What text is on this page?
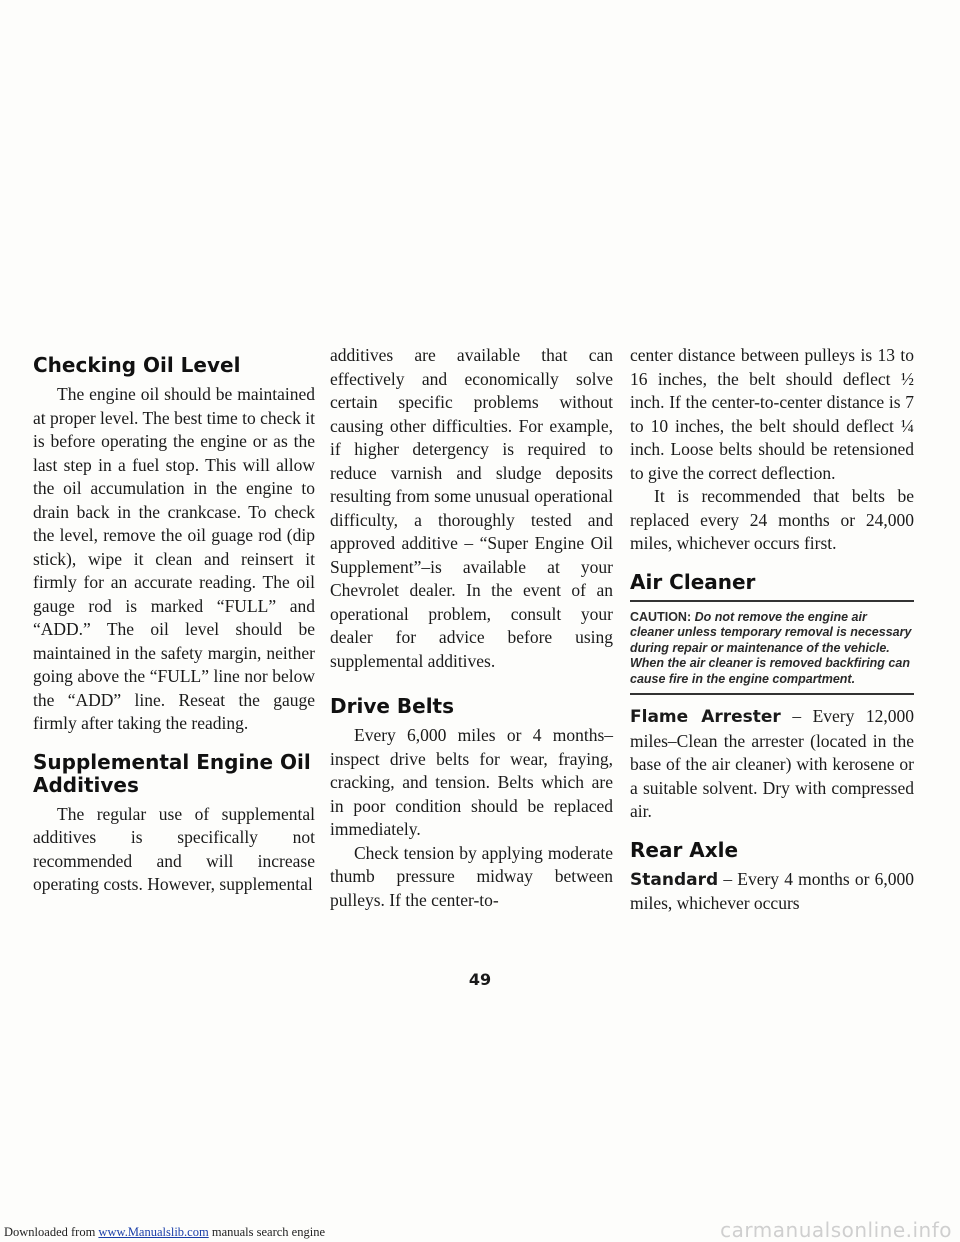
Checking Oil Level

The engine oil should be maintained at proper level. The best time to check it is before operating the engine or as the last step in a fuel stop. This will allow the oil accumulation in the engine to drain back in the crankcase. To check the level, remove the oil guage rod (dip stick), wipe it clean and reinsert it firmly for an accurate reading. The oil gauge rod is marked “FULL” and “ADD.” The oil level should be maintained in the safety margin, neither going above the “FULL” line nor below the “ADD” line. Reseat the gauge firmly after taking the reading.

Supplemental Engine Oil Additives

The regular use of supplemental additives is specifically not recommended and will increase operating costs. However, supplemental

additives are available that can effectively and economically solve certain specific problems without causing other difficulties. For example, if higher detergency is required to reduce varnish and sludge deposits resulting from some unusual operational difficulty, a thoroughly tested and approved additive – “Super Engine Oil Supplement”–is available at your Chevrolet dealer. In the event of an operational problem, consult your dealer for advice before using supplemental additives.

Drive Belts

Every 6,000 miles or 4 months–inspect drive belts for wear, fraying, cracking, and tension. Belts which are in poor condition should be replaced immediately.

Check tension by applying moderate thumb pressure midway between pulleys. If the center-to-

center distance between pulleys is 13 to 16 inches, the belt should deflect ½ inch. If the center-to-center distance is 7 to 10 inches, the belt should deflect ¼ inch. Loose belts should be retensioned to give the correct deflection.

It is recommended that belts be replaced every 24 months or 24,000 miles, whichever occurs first.

Air Cleaner
CAUTION: Do not remove the engine air cleaner unless temporary removal is necessary during repair or maintenance of the vehicle. When the air cleaner is removed backfiring can cause fire in the engine compartment.

Flame Arrester – Every 12,000 miles–Clean the arrester (located in the base of the air cleaner) with kerosene or a suitable solvent. Dry with compressed air.

Rear Axle

Standard – Every 4 months or 6,000 miles, whichever occurs

49
Downloaded from www.Manualslib.com manuals search engine	carmanualsonline.info
